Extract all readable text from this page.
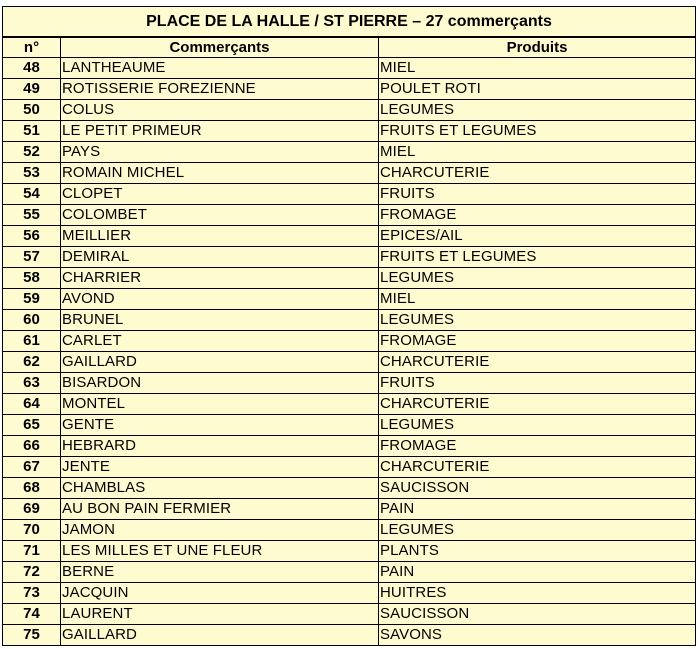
PLACE DE LA HALLE / ST PIERRE – 27 commerçants		
n°	Commerçants	Produits
48	LANTHEAUME	MIEL
49	ROTISSERIE FOREZIENNE	POULET ROTI
50	COLUS	LEGUMES
51	LE PETIT PRIMEUR	FRUITS ET LEGUMES
52	PAYS	MIEL
53	ROMAIN MICHEL	CHARCUTERIE
54	CLOPET	FRUITS
55	COLOMBET	FROMAGE
56	MEILLIER	EPICES/AIL
57	DEMIRAL	FRUITS ET LEGUMES
58	CHARRIER	LEGUMES
59	AVOND	MIEL
60	BRUNEL	LEGUMES
61	CARLET	FROMAGE
62	GAILLARD	CHARCUTERIE
63	BISARDON	FRUITS
64	MONTEL	CHARCUTERIE
65	GENTE	LEGUMES
66	HEBRARD	FROMAGE
67	JENTE	CHARCUTERIE
68	CHAMBLAS	SAUCISSON
69	AU BON PAIN FERMIER	PAIN
70	JAMON	LEGUMES
71	LES MILLES ET UNE FLEUR	PLANTS
72	BERNE	PAIN
73	JACQUIN	HUITRES
74	LAURENT	SAUCISSON
75	GAILLARD	SAVONS
